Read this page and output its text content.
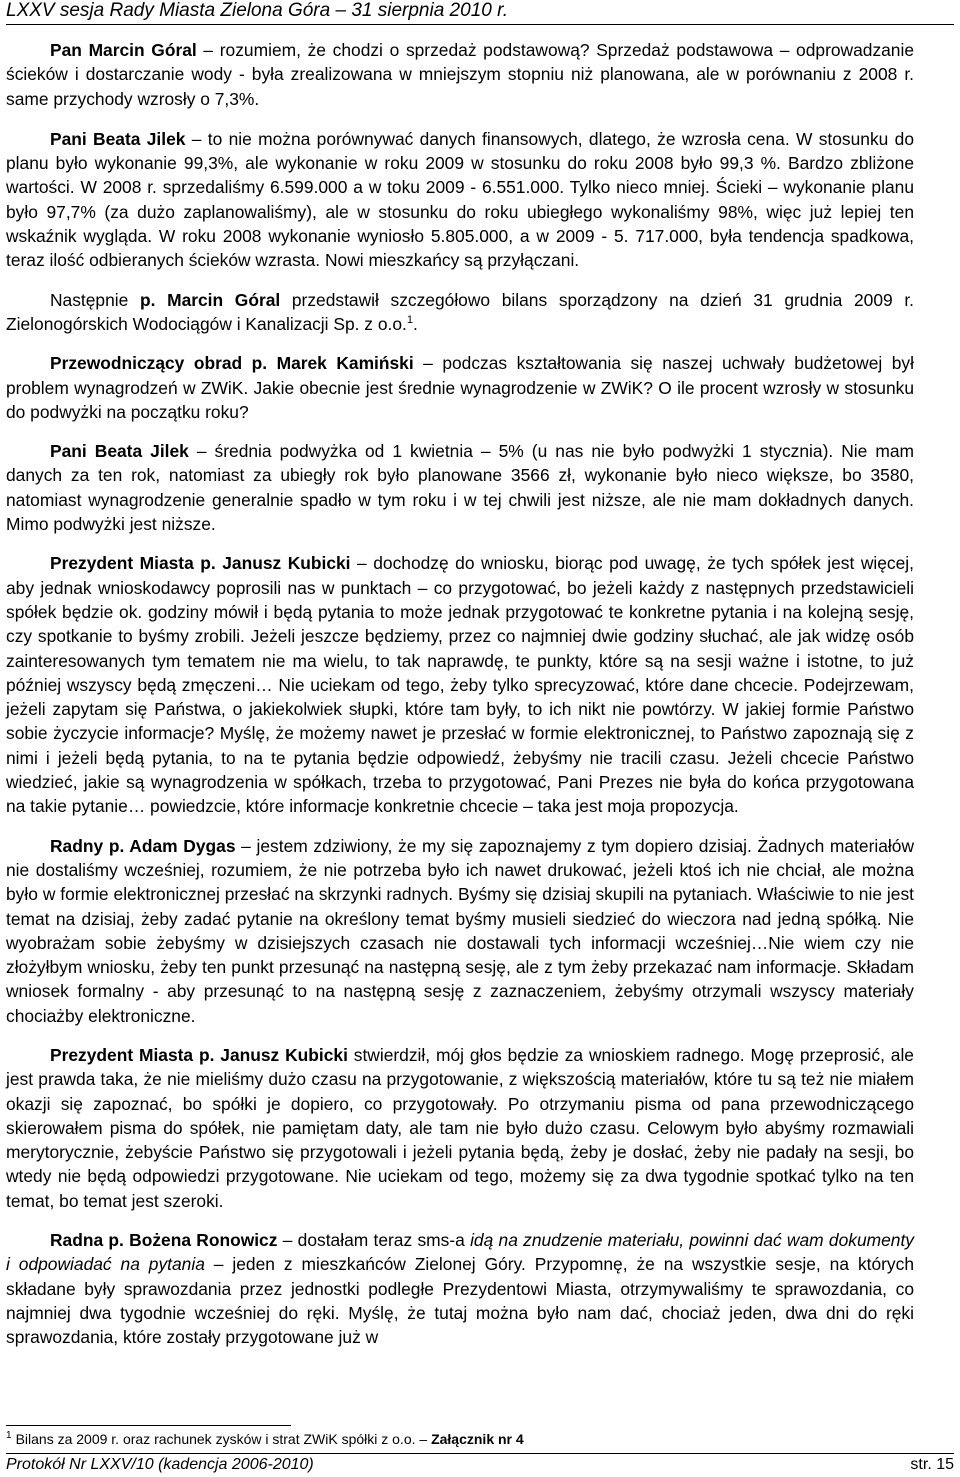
LXXV sesja Rady Miasta Zielona Góra – 31 sierpnia 2010 r.

Pan Marcin Góral – rozumiem, że chodzi o sprzedaż podstawową? Sprzedaż podstawowa – odprowadzanie ścieków i dostarczanie wody - była zrealizowana w mniejszym stopniu niż planowana, ale w porównaniu z 2008 r. same przychody wzrosły o 7,3%.

Pani Beata Jilek – to nie można porównywać danych finansowych, dlatego, że wzrosła cena. W stosunku do planu było wykonanie 99,3%, ale wykonanie w roku 2009 w stosunku do roku 2008 było 99,3 %. Bardzo zbliżone wartości. W 2008 r. sprzedaliśmy 6.599.000 a w toku 2009 - 6.551.000. Tylko nieco mniej. Ścieki – wykonanie planu było 97,7% (za dużo zaplanowaliśmy), ale w stosunku do roku ubiegłego wykonaliśmy 98%, więc już lepiej ten wskaźnik wygląda. W roku 2008 wykonanie wyniosło 5.805.000, a w 2009 - 5. 717.000, była tendencja spadkowa, teraz ilość odbieranych ścieków wzrasta. Nowi mieszkańcy są przyłączani.

Następnie p. Marcin Góral przedstawił szczegółowo bilans sporządzony na dzień 31 grudnia 2009 r. Zielonogórskich Wodociągów i Kanalizacji Sp. z o.o.$^1$.

Przewodniczący obrad p. Marek Kamiński – podczas kształtowania się naszej uchwały budżetowej był problem wynagrodzeń w ZWiK. Jakie obecnie jest średnie wynagrodzenie w ZWiK? O ile procent wzrosły w stosunku do podwyżki na początku roku?

Pani Beata Jilek – średnia podwyżka od 1 kwietnia – 5% (u nas nie było podwyżki 1 stycznia). Nie mam danych za ten rok, natomiast za ubiegły rok było planowane 3566 zł, wykonanie było nieco większe, bo 3580, natomiast wynagrodzenie generalnie spadło w tym roku i w tej chwili jest niższe, ale nie mam dokładnych danych. Mimo podwyżki jest niższe.

Prezydent Miasta p. Janusz Kubicki – dochodzę do wniosku, biorąc pod uwagę, że tych spółek jest więcej, aby jednak wnioskodawcy poprosili nas w punktach – co przygotować, bo jeżeli każdy z następnych przedstawicieli spółek będzie ok. godziny mówił i będą pytania to może jednak przygotować te konkretne pytania i na kolejną sesję, czy spotkanie to byśmy zrobili. Jeżeli jeszcze będziemy, przez co najmniej dwie godziny słuchać, ale jak widzę osób zainteresowanych tym tematem nie ma wielu, to tak naprawdę, te punkty, które są na sesji ważne i istotne, to już później wszyscy będą zmęczeni… Nie uciekam od tego, żeby tylko sprecyzować, które dane chcecie. Podejrzewam, jeżeli zapytam się Państwa, o jakiekolwiek słupki, które tam były, to ich nikt nie powtórzy. W jakiej formie Państwo sobie życzycie informacje? Myślę, że możemy nawet je przesłać w formie elektronicznej, to Państwo zapoznają się z nimi i jeżeli będą pytania, to na te pytania będzie odpowiedź, żebyśmy nie tracili czasu. Jeżeli chcecie Państwo wiedzieć, jakie są wynagrodzenia w spółkach, trzeba to przygotować, Pani Prezes nie była do końca przygotowana na takie pytanie… powiedzcie, które informacje konkretnie chcecie – taka jest moja propozycja.

Radny p. Adam Dygas – jestem zdziwiony, że my się zapoznajemy z tym dopiero dzisiaj. Żadnych materiałów nie dostaliśmy wcześniej, rozumiem, że nie potrzeba było ich nawet drukować, jeżeli ktoś ich nie chciał, ale można było w formie elektronicznej przesłać na skrzynki radnych. Byśmy się dzisiaj skupili na pytaniach. Właściwie to nie jest temat na dzisiaj, żeby zadać pytanie na określony temat byśmy musieli siedzieć do wieczora nad jedną spółką. Nie wyobrażam sobie żebyśmy w dzisiejszych czasach nie dostawali tych informacji wcześniej…Nie wiem czy nie złożyłbym wniosku, żeby ten punkt przesunąć na następną sesję, ale z tym żeby przekazać nam informacje. Składam wniosek formalny - aby przesunąć to na następną sesję z zaznaczeniem, żebyśmy otrzymali wszyscy materiały chociażby elektroniczne.

Prezydent Miasta p. Janusz Kubicki stwierdził, mój głos będzie za wnioskiem radnego. Mogę przeprosić, ale jest prawda taka, że nie mieliśmy dużo czasu na przygotowanie, z większością materiałów, które tu są też nie miałem okazji się zapoznać, bo spółki je dopiero, co przygotowały. Po otrzymaniu pisma od pana przewodniczącego skierowałem pisma do spółek, nie pamiętam daty, ale tam nie było dużo czasu. Celowym było abyśmy rozmawiali merytorycznie, żebyście Państwo się przygotowali i jeżeli pytania będą, żeby je dosłać, żeby nie padały na sesji, bo wtedy nie będą odpowiedzi przygotowane. Nie uciekam od tego, możemy się za dwa tygodnie spotkać tylko na ten temat, bo temat jest szeroki.

Radna p. Bożena Ronowicz – dostałam teraz sms-a idą na znudzenie materiału, powinni dać wam dokumenty i odpowiadać na pytania – jeden z mieszkańców Zielonej Góry. Przypomnę, że na wszystkie sesje, na których składane były sprawozdania przez jednostki podległe Prezydentowi Miasta, otrzymywaliśmy te sprawozdania, co najmniej dwa tygodnie wcześniej do ręki. Myślę, że tutaj można było nam dać, chociaż jeden, dwa dni do ręki sprawozdania, które zostały przygotowane już w

$^1$ Bilans za 2009 r. oraz rachunek zysków i strat ZWiK spółki z o.o. – Załącznik nr 4
Protokół Nr LXXV/10 (kadencja 2006-2010)	str. 15
